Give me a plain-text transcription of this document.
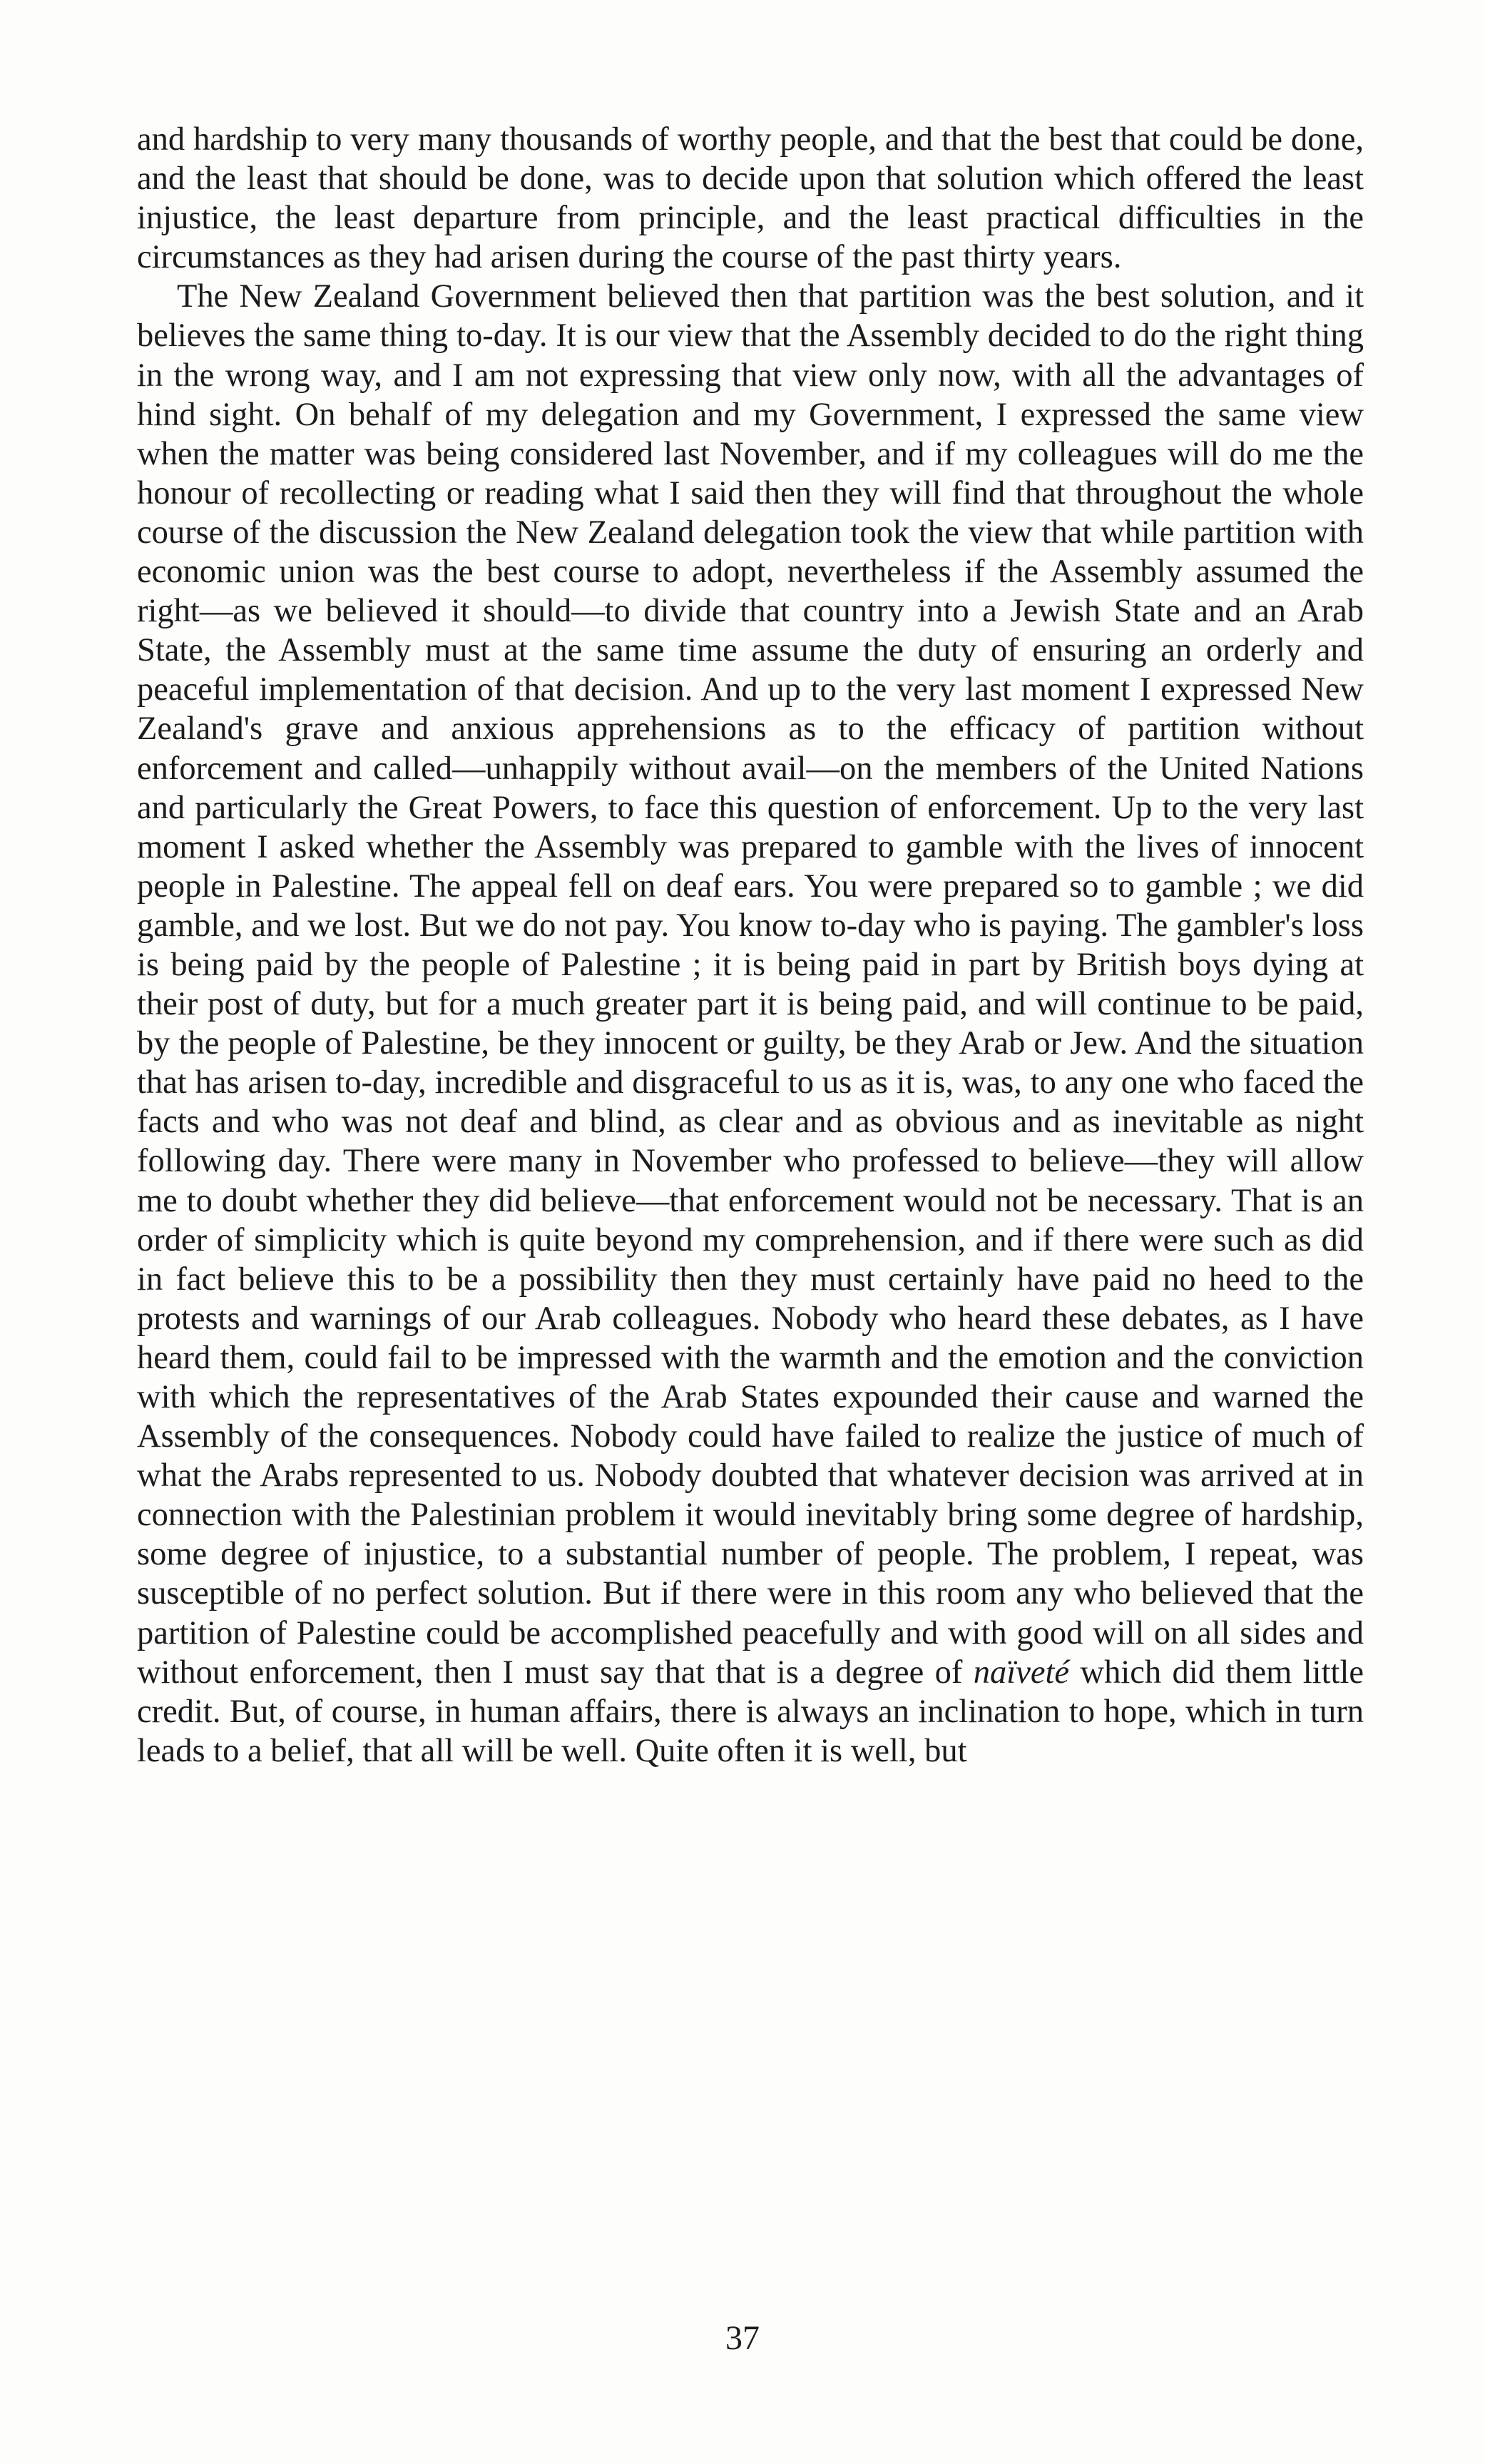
and hardship to very many thousands of worthy people, and that the best that could be done, and the least that should be done, was to decide upon that solution which offered the least injustice, the least departure from principle, and the least practical difficulties in the circumstances as they had arisen during the course of the past thirty years.

The New Zealand Government believed then that partition was the best solution, and it believes the same thing to-day. It is our view that the Assembly decided to do the right thing in the wrong way, and I am not expressing that view only now, with all the advantages of hind sight. On behalf of my delegation and my Government, I expressed the same view when the matter was being considered last November, and if my colleagues will do me the honour of recollecting or reading what I said then they will find that throughout the whole course of the discussion the New Zealand delegation took the view that while partition with economic union was the best course to adopt, nevertheless if the Assembly assumed the right—as we believed it should—to divide that country into a Jewish State and an Arab State, the Assembly must at the same time assume the duty of ensuring an orderly and peaceful implementation of that decision. And up to the very last moment I expressed New Zealand's grave and anxious apprehensions as to the efficacy of partition without enforcement and called—unhappily without avail—on the members of the United Nations and particularly the Great Powers, to face this question of enforcement. Up to the very last moment I asked whether the Assembly was prepared to gamble with the lives of innocent people in Palestine. The appeal fell on deaf ears. You were prepared so to gamble ; we did gamble, and we lost. But we do not pay. You know to-day who is paying. The gambler's loss is being paid by the people of Palestine ; it is being paid in part by British boys dying at their post of duty, but for a much greater part it is being paid, and will continue to be paid, by the people of Palestine, be they innocent or guilty, be they Arab or Jew. And the situation that has arisen to-day, incredible and disgraceful to us as it is, was, to any one who faced the facts and who was not deaf and blind, as clear and as obvious and as inevitable as night following day. There were many in November who professed to believe—they will allow me to doubt whether they did believe—that enforcement would not be necessary. That is an order of simplicity which is quite beyond my comprehension, and if there were such as did in fact believe this to be a possibility then they must certainly have paid no heed to the protests and warnings of our Arab colleagues. Nobody who heard these debates, as I have heard them, could fail to be impressed with the warmth and the emotion and the conviction with which the representatives of the Arab States expounded their cause and warned the Assembly of the consequences. Nobody could have failed to realize the justice of much of what the Arabs represented to us. Nobody doubted that whatever decision was arrived at in connection with the Palestinian problem it would inevitably bring some degree of hardship, some degree of injustice, to a substantial number of people. The problem, I repeat, was susceptible of no perfect solution. But if there were in this room any who believed that the partition of Palestine could be accomplished peacefully and with good will on all sides and without enforcement, then I must say that that is a degree of naïveté which did them little credit. But, of course, in human affairs, there is always an inclination to hope, which in turn leads to a belief, that all will be well. Quite often it is well, but

37
